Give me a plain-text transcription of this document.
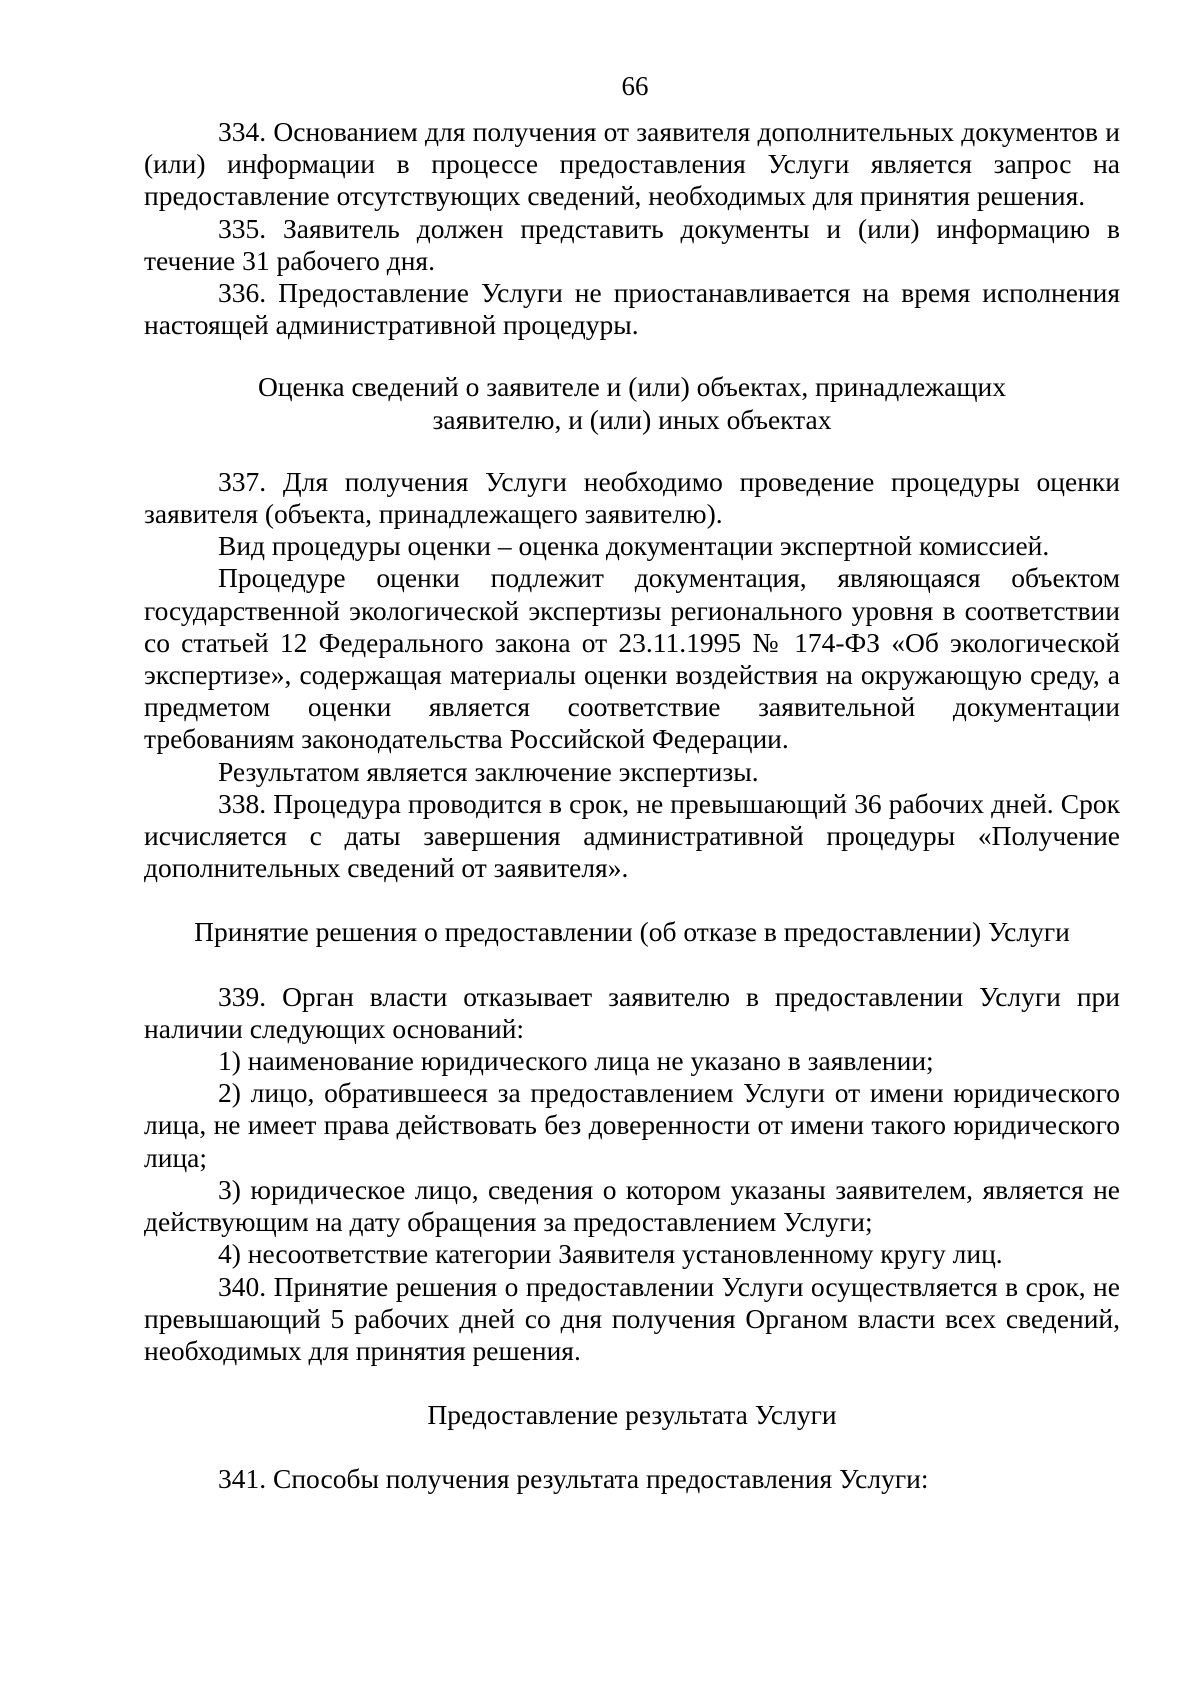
66

334. Основанием для получения от заявителя дополнительных документов и (или) информации в процессе предоставления Услуги является запрос на предоставление отсутствующих сведений, необходимых для принятия решения.

335. Заявитель должен представить документы и (или) информацию в течение 31 рабочего дня.

336. Предоставление Услуги не приостанавливается на время исполнения настоящей административной процедуры.

Оценка сведений о заявителе и (или) объектах, принадлежащих
заявителю, и (или) иных объектах

337. Для получения Услуги необходимо проведение процедуры оценки заявителя (объекта, принадлежащего заявителю).

Вид процедуры оценки – оценка документации экспертной комиссией.

Процедуре оценки подлежит документация, являющаяся объектом государственной экологической экспертизы регионального уровня в соответствии со статьей 12 Федерального закона от 23.11.1995 № 174-ФЗ «Об экологической экспертизе», содержащая материалы оценки воздействия на окружающую среду, а предметом оценки является соответствие заявительной документации требованиям законодательства Российской Федерации.

Результатом является заключение экспертизы.

338. Процедура проводится в срок, не превышающий 36 рабочих дней. Срок исчисляется с даты завершения административной процедуры «Получение дополнительных сведений от заявителя».

Принятие решения о предоставлении (об отказе в предоставлении) Услуги

339. Орган власти отказывает заявителю в предоставлении Услуги при наличии следующих оснований:

1) наименование юридического лица не указано в заявлении;

2) лицо, обратившееся за предоставлением Услуги от имени юридического лица, не имеет права действовать без доверенности от имени такого юридического лица;

3) юридическое лицо, сведения о котором указаны заявителем, является не действующим на дату обращения за предоставлением Услуги;

4) несоответствие категории Заявителя установленному кругу лиц.

340. Принятие решения о предоставлении Услуги осуществляется в срок, не превышающий 5 рабочих дней со дня получения Органом власти всех сведений, необходимых для принятия решения.

Предоставление результата Услуги

341. Способы получения результата предоставления Услуги:
